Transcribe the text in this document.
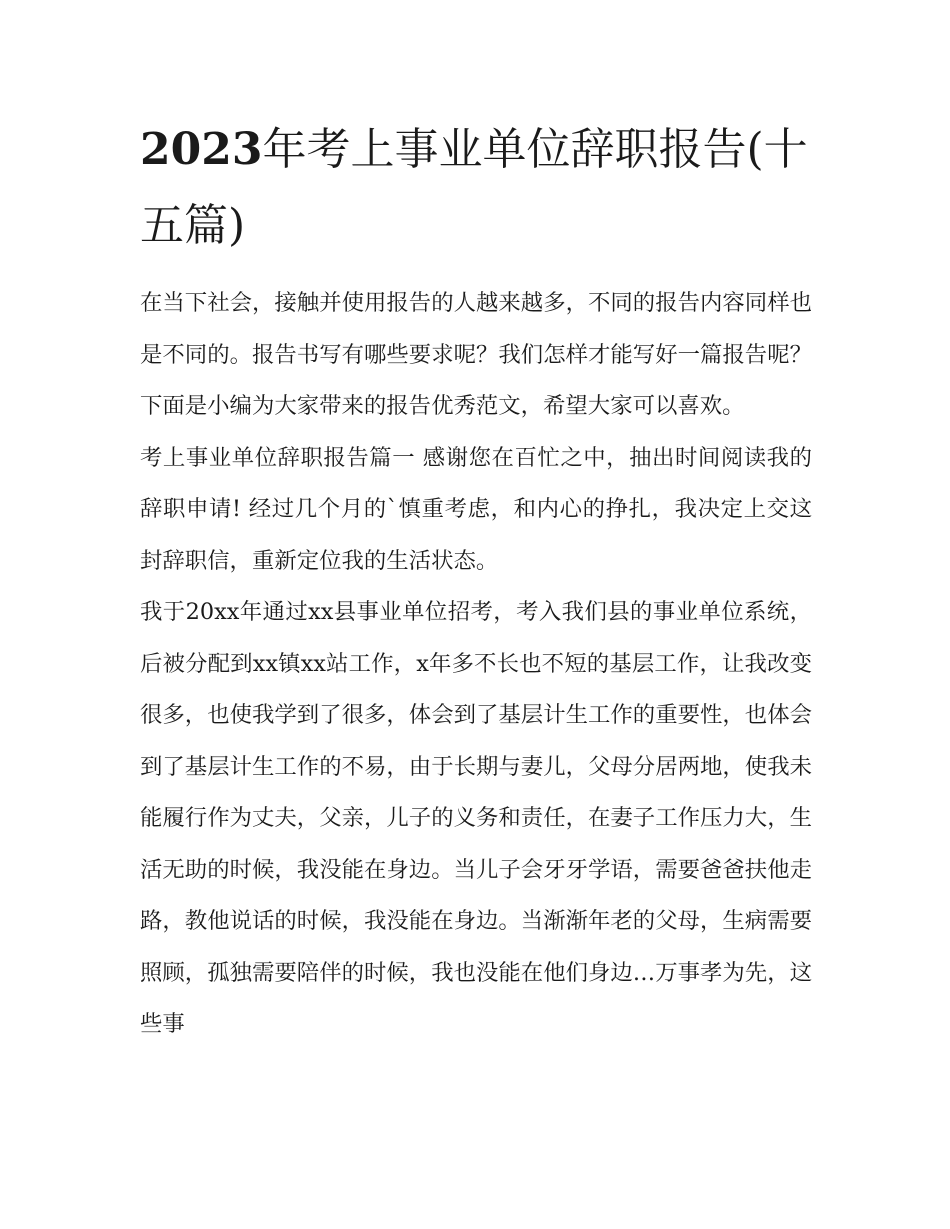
2023年考上事业单位辞职报告(十五篇)

在当下社会，接触并使用报告的人越来越多，不同的报告内容同样也是不同的。报告书写有哪些要求呢？我们怎样才能写好一篇报告呢？下面是小编为大家带来的报告优秀范文，希望大家可以喜欢。

考上事业单位辞职报告篇一 感谢您在百忙之中，抽出时间阅读我的辞职申请! 经过几个月的`慎重考虑，和内心的挣扎，我决定上交这封辞职信，重新定位我的生活状态。

我于20xx年通过xx县事业单位招考，考入我们县的事业单位系统，后被分配到xx镇xx站工作，x年多不长也不短的基层工作，让我改变很多，也使我学到了很多，体会到了基层计生工作的重要性，也体会到了基层计生工作的不易，由于长期与妻儿，父母分居两地，使我未能履行作为丈夫，父亲，儿子的义务和责任，在妻子工作压力大，生活无助的时候，我没能在身边。当儿子会牙牙学语，需要爸爸扶他走路，教他说话的时候，我没能在身边。当渐渐年老的父母，生病需要照顾，孤独需要陪伴的时候，我也没能在他们身边…万事孝为先，这些事
